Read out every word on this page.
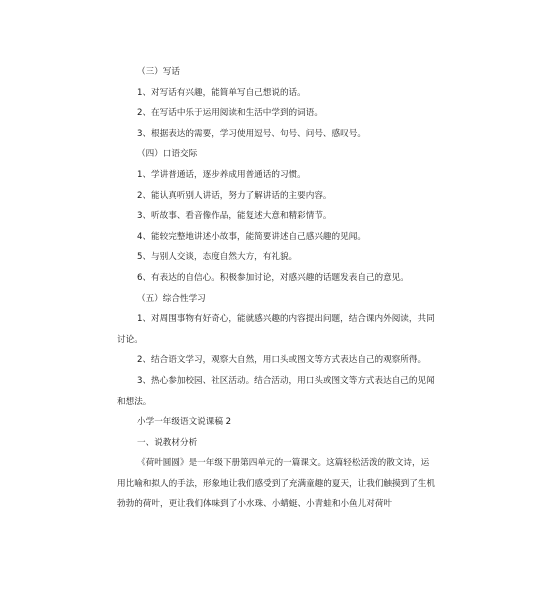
（三）写话

1、对写话有兴趣，能简单写自己想说的话。

2、在写话中乐于运用阅读和生活中学到的词语。

3、根据表达的需要，学习使用逗号、句号、问号、感叹号。

（四）口语交际

1、学讲普通话，逐步养成用普通话的习惯。

2、能认真听别人讲话，努力了解讲话的主要内容。

3、听故事、看音像作品，能复述大意和精彩情节。

4、能较完整地讲述小故事，能简要讲述自己感兴趣的见闻。

5、与别人交谈，态度自然大方，有礼貌。

6、有表达的自信心。积极参加讨论，对感兴趣的话题发表自己的意见。

（五）综合性学习

1、对周围事物有好奇心，能就感兴趣的内容提出问题，结合课内外阅读，共同讨论。

2、结合语文学习，观察大自然，用口头或图文等方式表达自己的观察所得。

3、热心参加校园、社区活动。结合活动，用口头或图文等方式表达自己的见闻和想法。

小学一年级语文说课稿 2

一、说教材分析

《荷叶圆圆》是一年级下册第四单元的一篇课文。这篇轻松活泼的散文诗，运用比喻和拟人的手法，形象地让我们感受到了充满童趣的夏天，让我们触摸到了生机勃勃的荷叶，更让我们体味到了小水珠、小蜻蜓、小青蛙和小鱼儿对荷叶
